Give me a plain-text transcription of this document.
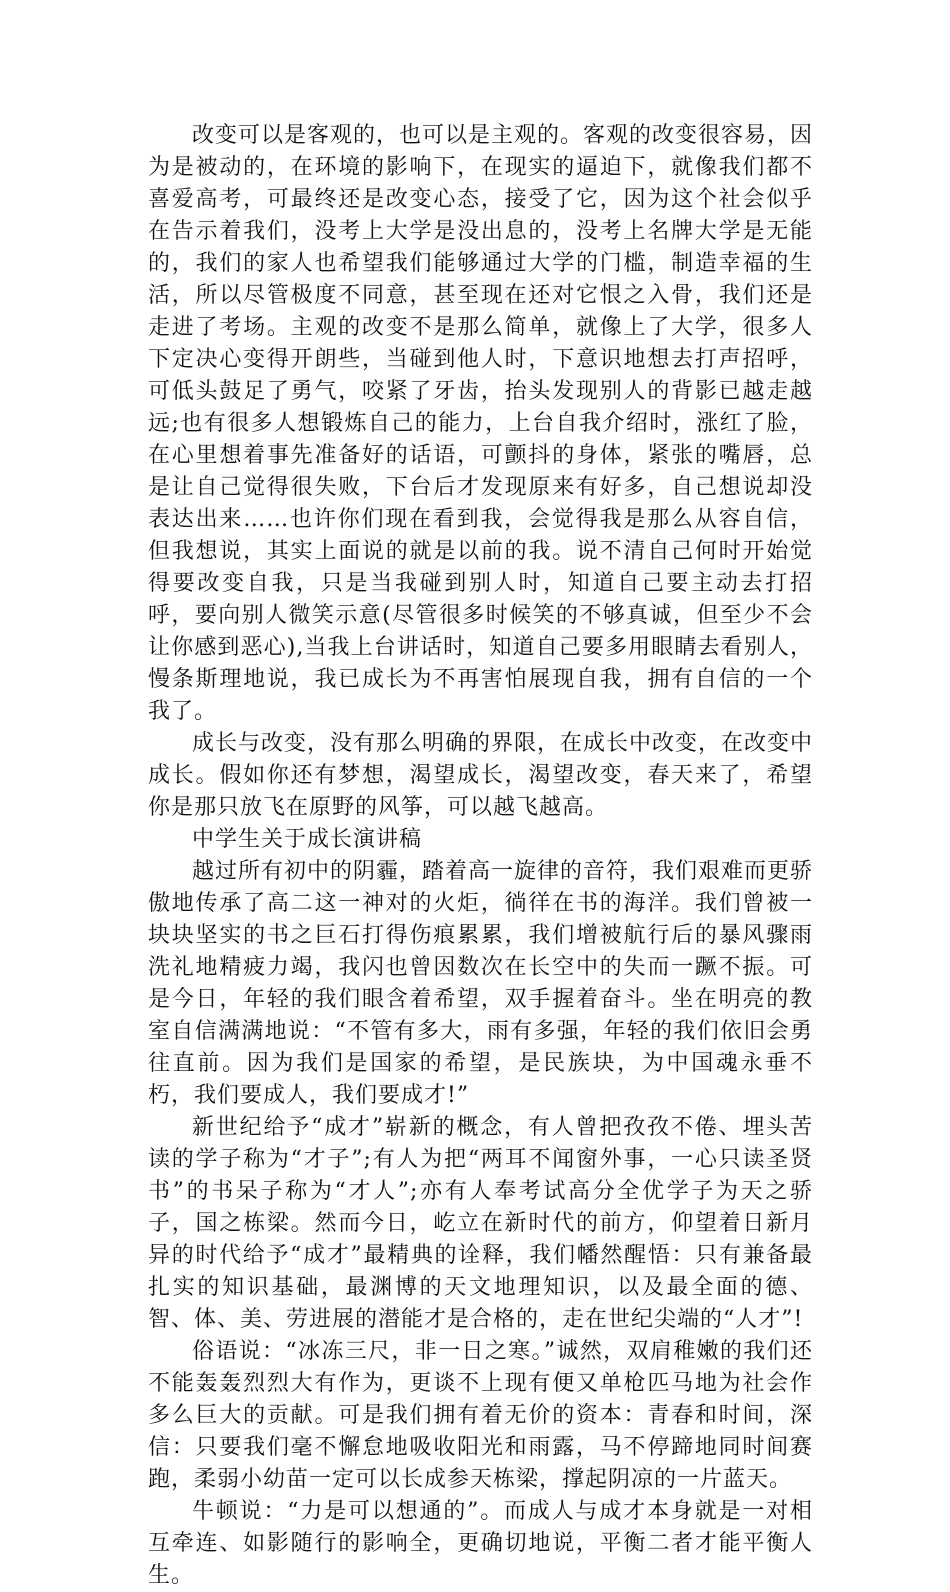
改变可以是客观的，也可以是主观的。客观的改变很容易，因为是被动的，在环境的影响下，在现实的逼迫下，就像我们都不喜爱高考，可最终还是改变心态，接受了它，因为这个社会似乎在告示着我们，没考上大学是没出息的，没考上名牌大学是无能的，我们的家人也希望我们能够通过大学的门槛，制造幸福的生活，所以尽管极度不同意，甚至现在还对它恨之入骨，我们还是走进了考场。主观的改变不是那么简单，就像上了大学，很多人下定决心变得开朗些，当碰到他人时，下意识地想去打声招呼，可低头鼓足了勇气，咬紧了牙齿，抬头发现别人的背影已越走越远;也有很多人想锻炼自己的能力，上台自我介绍时，涨红了脸，在心里想着事先准备好的话语，可颤抖的身体，紧张的嘴唇，总是让自己觉得很失败，下台后才发现原来有好多，自己想说却没表达出来……也许你们现在看到我，会觉得我是那么从容自信，但我想说，其实上面说的就是以前的我。说不清自己何时开始觉得要改变自我，只是当我碰到别人时，知道自己要主动去打招呼，要向别人微笑示意(尽管很多时候笑的不够真诚，但至少不会让你感到恶心),当我上台讲话时，知道自己要多用眼睛去看别人，慢条斯理地说，我已成长为不再害怕展现自我，拥有自信的一个我了。

成长与改变，没有那么明确的界限，在成长中改变，在改变中成长。假如你还有梦想，渴望成长，渴望改变，春天来了，希望你是那只放飞在原野的风筝，可以越飞越高。

中学生关于成长演讲稿

越过所有初中的阴霾，踏着高一旋律的音符，我们艰难而更骄傲地传承了高二这一神对的火炬，徜徉在书的海洋。我们曾被一块块坚实的书之巨石打得伤痕累累，我们增被航行后的暴风骤雨洗礼地精疲力竭，我闪也曾因数次在长空中的失而一蹶不振。可是今日，年轻的我们眼含着希望，双手握着奋斗。坐在明亮的教室自信满满地说：“不管有多大，雨有多强，年轻的我们依旧会勇往直前。因为我们是国家的希望，是民族块，为中国魂永垂不朽，我们要成人，我们要成才!”

新世纪给予“成才”崭新的概念，有人曾把孜孜不倦、埋头苦读的学子称为“才子”;有人为把“两耳不闻窗外事，一心只读圣贤书”的书呆子称为“才人”;亦有人奉考试高分全优学子为天之骄子，国之栋梁。然而今日，屹立在新时代的前方，仰望着日新月异的时代给予“成才”最精典的诠释，我们幡然醒悟：只有兼备最扎实的知识基础，最渊博的天文地理知识，以及最全面的德、智、体、美、劳进展的潜能才是合格的，走在世纪尖端的“人才”!

俗语说：“冰冻三尺，非一日之寒。”诚然，双肩稚嫩的我们还不能轰轰烈烈大有作为，更谈不上现有便又单枪匹马地为社会作多么巨大的贡献。可是我们拥有着无价的资本：青春和时间，深信：只要我们毫不懈怠地吸收阳光和雨露，马不停蹄地同时间赛跑，柔弱小幼苗一定可以长成参天栋梁，撑起阴凉的一片蓝天。

牛顿说：“力是可以想通的”。而成人与成才本身就是一对相互牵连、如影随行的影响全，更确切地说，平衡二者才能平衡人生。
